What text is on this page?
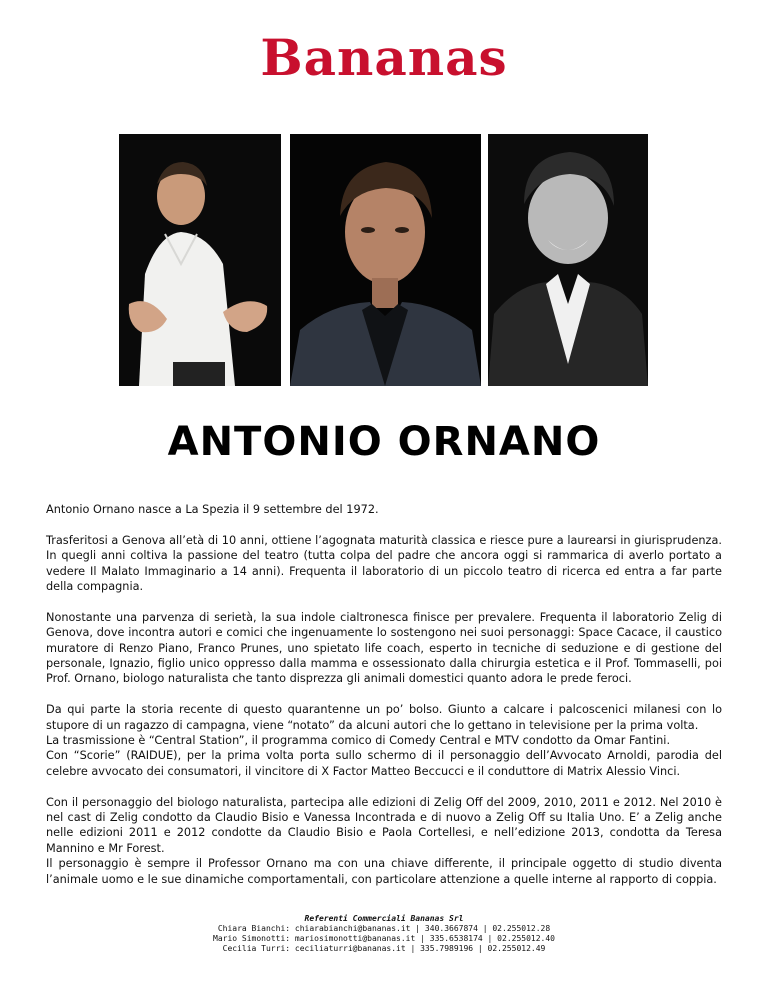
Bananas
ANTONIO ORNANO

Antonio Ornano nasce a La Spezia il 9 settembre del 1972.

Trasferitosi a Genova all’età di 10 anni, ottiene l’agognata maturità classica e riesce pure a laurearsi in giurisprudenza. In quegli anni coltiva la passione del teatro (tutta colpa del padre che ancora oggi si rammarica di averlo portato a vedere Il Malato Immaginario a 14 anni). Frequenta il laboratorio di un piccolo teatro di ricerca ed entra a far parte della compagnia.

Nonostante una parvenza di serietà, la sua indole cialtronesca finisce per prevalere. Frequenta il laboratorio Zelig di Genova, dove incontra autori e comici che ingenuamente lo sostengono nei suoi personaggi: Space Cacace, il caustico muratore di Renzo Piano, Franco Prunes, uno spietato life coach, esperto in tecniche di seduzione e di gestione del personale, Ignazio, figlio unico oppresso dalla mamma e ossessionato dalla chirurgia estetica e il Prof. Tommaselli, poi Prof. Ornano, biologo naturalista che tanto disprezza gli animali domestici quanto adora le prede feroci.

Da qui parte la storia recente di questo quarantenne un po’ bolso. Giunto a calcare i palcoscenici milanesi con lo stupore di un ragazzo di campagna, viene “notato” da alcuni autori che lo gettano in televisione per la prima volta.
La trasmissione è “Central Station”, il programma comico di Comedy Central e MTV condotto da Omar Fantini.
Con “Scorie” (RAIDUE), per la prima volta porta sullo schermo di il personaggio dell’Avvocato Arnoldi, parodia del celebre avvocato dei consumatori, il vincitore di X Factor Matteo Beccucci e il conduttore di Matrix Alessio Vinci.

Con il personaggio del biologo naturalista, partecipa alle edizioni di Zelig Off del 2009, 2010, 2011 e 2012. Nel 2010 è nel cast di Zelig condotto da Claudio Bisio e Vanessa Incontrada e di nuovo a Zelig Off su Italia Uno. E’ a Zelig anche nelle edizioni 2011 e 2012 condotte da Claudio Bisio e Paola Cortellesi, e nell’edizione 2013, condotta da Teresa Mannino e Mr Forest.
Il personaggio è sempre il Professor Ornano ma con una chiave differente, il principale oggetto di studio diventa l’animale uomo e le sue dinamiche comportamentali, con particolare attenzione a quelle interne al rapporto di coppia.

Referenti Commerciali Bananas Srl
Chiara Bianchi: chiarabianchi@bananas.it | 340.3667874 | 02.255012.28
Mario Simonotti: mariosimonotti@bananas.it | 335.6538174 | 02.255012.40
Cecilia Turri: ceciliaturri@bananas.it | 335.7989196 | 02.255012.49
